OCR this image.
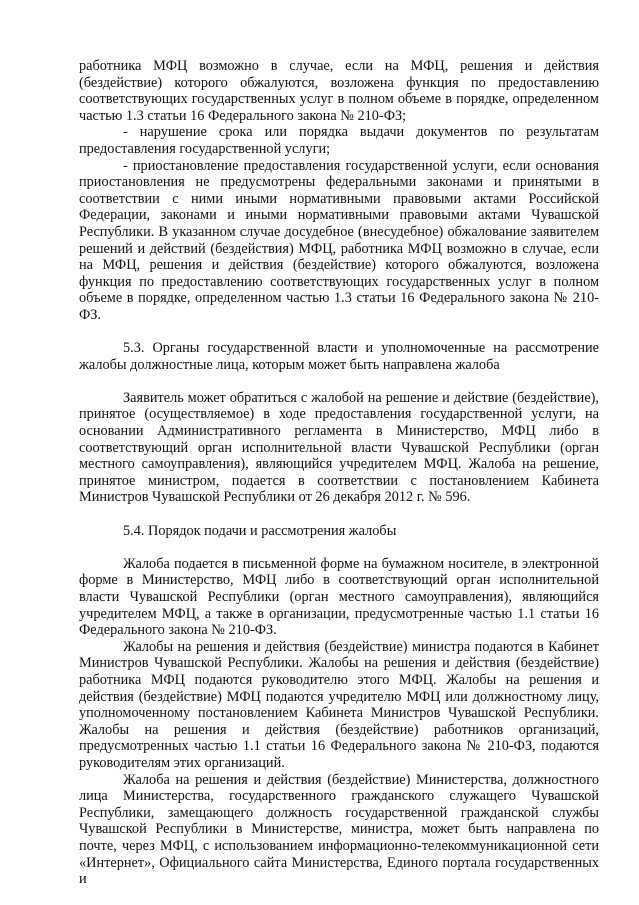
работника МФЦ возможно в случае, если на МФЦ, решения и действия (бездействие) которого обжалуются, возложена функция по предоставлению соответствующих государственных услуг в полном объеме в порядке, определенном частью 1.3 статьи 16 Федерального закона № 210-ФЗ;

- нарушение срока или порядка выдачи документов по результатам предоставления государственной услуги;

- приостановление предоставления государственной услуги, если основания приостановления не предусмотрены федеральными законами и принятыми в соответствии с ними иными нормативными правовыми актами Российской Федерации, законами и иными нормативными правовыми актами Чувашской Республики. В указанном случае досудебное (внесудебное) обжалование заявителем решений и действий (бездействия) МФЦ, работника МФЦ возможно в случае, если на МФЦ, решения и действия (бездействие) которого обжалуются, возложена функция по предоставлению соответствующих государственных услуг в полном объеме в порядке, определенном частью 1.3 статьи 16 Федерального закона № 210-ФЗ.

5.3. Органы государственной власти и уполномоченные на рассмотрение жалобы должностные лица, которым может быть направлена жалоба

Заявитель может обратиться с жалобой на решение и действие (бездействие), принятое (осуществляемое) в ходе предоставления государственной услуги, на основании Административного регламента в Министерство, МФЦ либо в соответствующий орган исполнительной власти Чувашской Республики (орган местного самоуправления), являющийся учредителем МФЦ. Жалоба на решение, принятое министром, подается в соответствии с постановлением Кабинета Министров Чувашской Республики от 26 декабря 2012 г. № 596.

5.4. Порядок подачи и рассмотрения жалобы

Жалоба подается в письменной форме на бумажном носителе, в электронной форме в Министерство, МФЦ либо в соответствующий орган исполнительной власти Чувашской Республики (орган местного самоуправления), являющийся учредителем МФЦ, а также в организации, предусмотренные частью 1.1 статьи 16 Федерального закона № 210-ФЗ.

Жалобы на решения и действия (бездействие) министра подаются в Кабинет Министров Чувашской Республики. Жалобы на решения и действия (бездействие) работника МФЦ подаются руководителю этого МФЦ. Жалобы на решения и действия (бездействие) МФЦ подаются учредителю МФЦ или должностному лицу, уполномоченному постановлением Кабинета Министров Чувашской Республики. Жалобы на решения и действия (бездействие) работников организаций, предусмотренных частью 1.1 статьи 16 Федерального закона № 210-ФЗ, подаются руководителям этих организаций.

Жалоба на решения и действия (бездействие) Министерства, должностного лица Министерства, государственного гражданского служащего Чувашской Республики, замещающего должность государственной гражданской службы Чувашской Республики в Министерстве, министра, может быть направлена по почте, через МФЦ, с использованием информационно-телекоммуникационной сети «Интернет», Официального сайта Министерства, Единого портала государственных и
